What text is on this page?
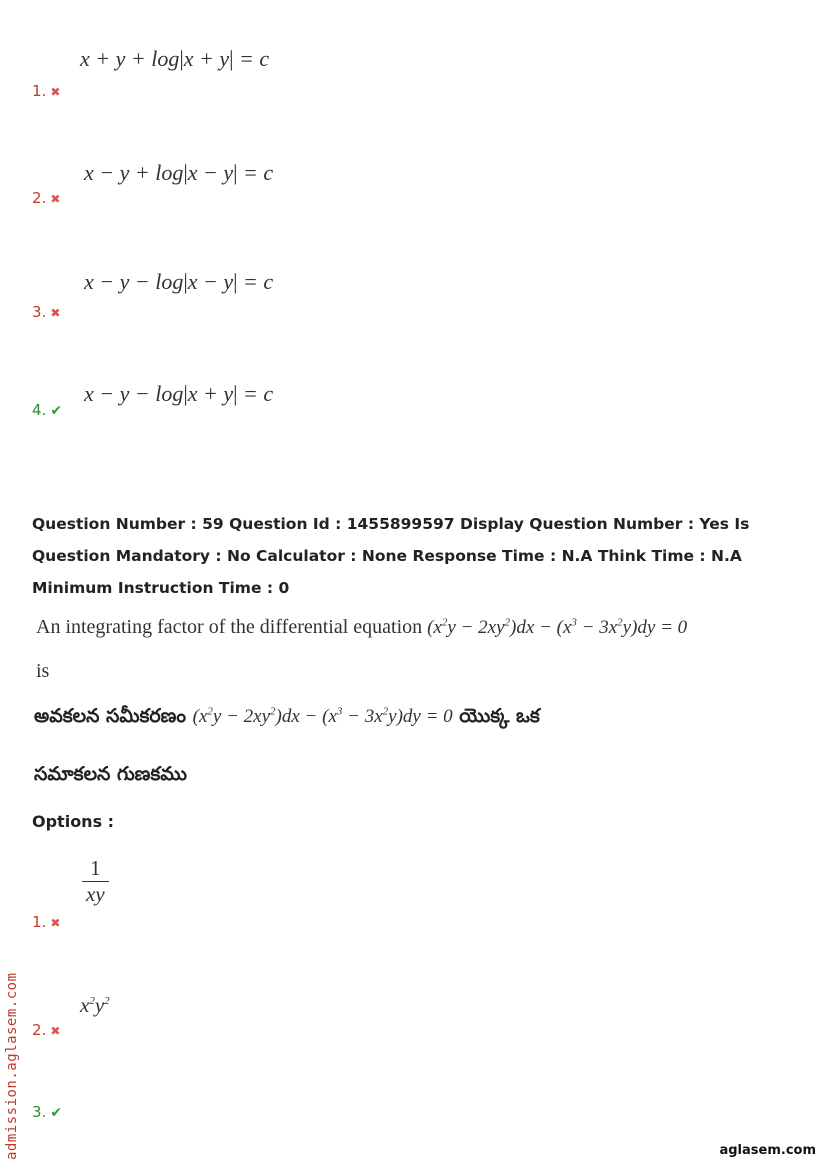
x + y + log|x + y| = c
1. ✖
x − y + log|x − y| = c
2. ✖
x − y − log|x − y| = c
3. ✖
x − y − log|x + y| = c
4. ✔
Question Number : 59 Question Id : 1455899597 Display Question Number : Yes Is Question Mandatory : No Calculator : None Response Time : N.A Think Time : N.A Minimum Instruction Time : 0
An integrating factor of the differential equation $(x^2y - 2xy^2)dx - (x^3 - 3x^2y)dy = 0$
is
అవకలన సమీకరణం $(x^2y - 2xy^2)dx - (x^3 - 3x^2y)dy = 0$ యొక్క ఒక
సమాకలన గుణకము
Options :
$\frac{1}{xy}$
1. ✖
$x^2y^2$
2. ✖
3. ✔
admission.aglasem.com	aglasem.com
